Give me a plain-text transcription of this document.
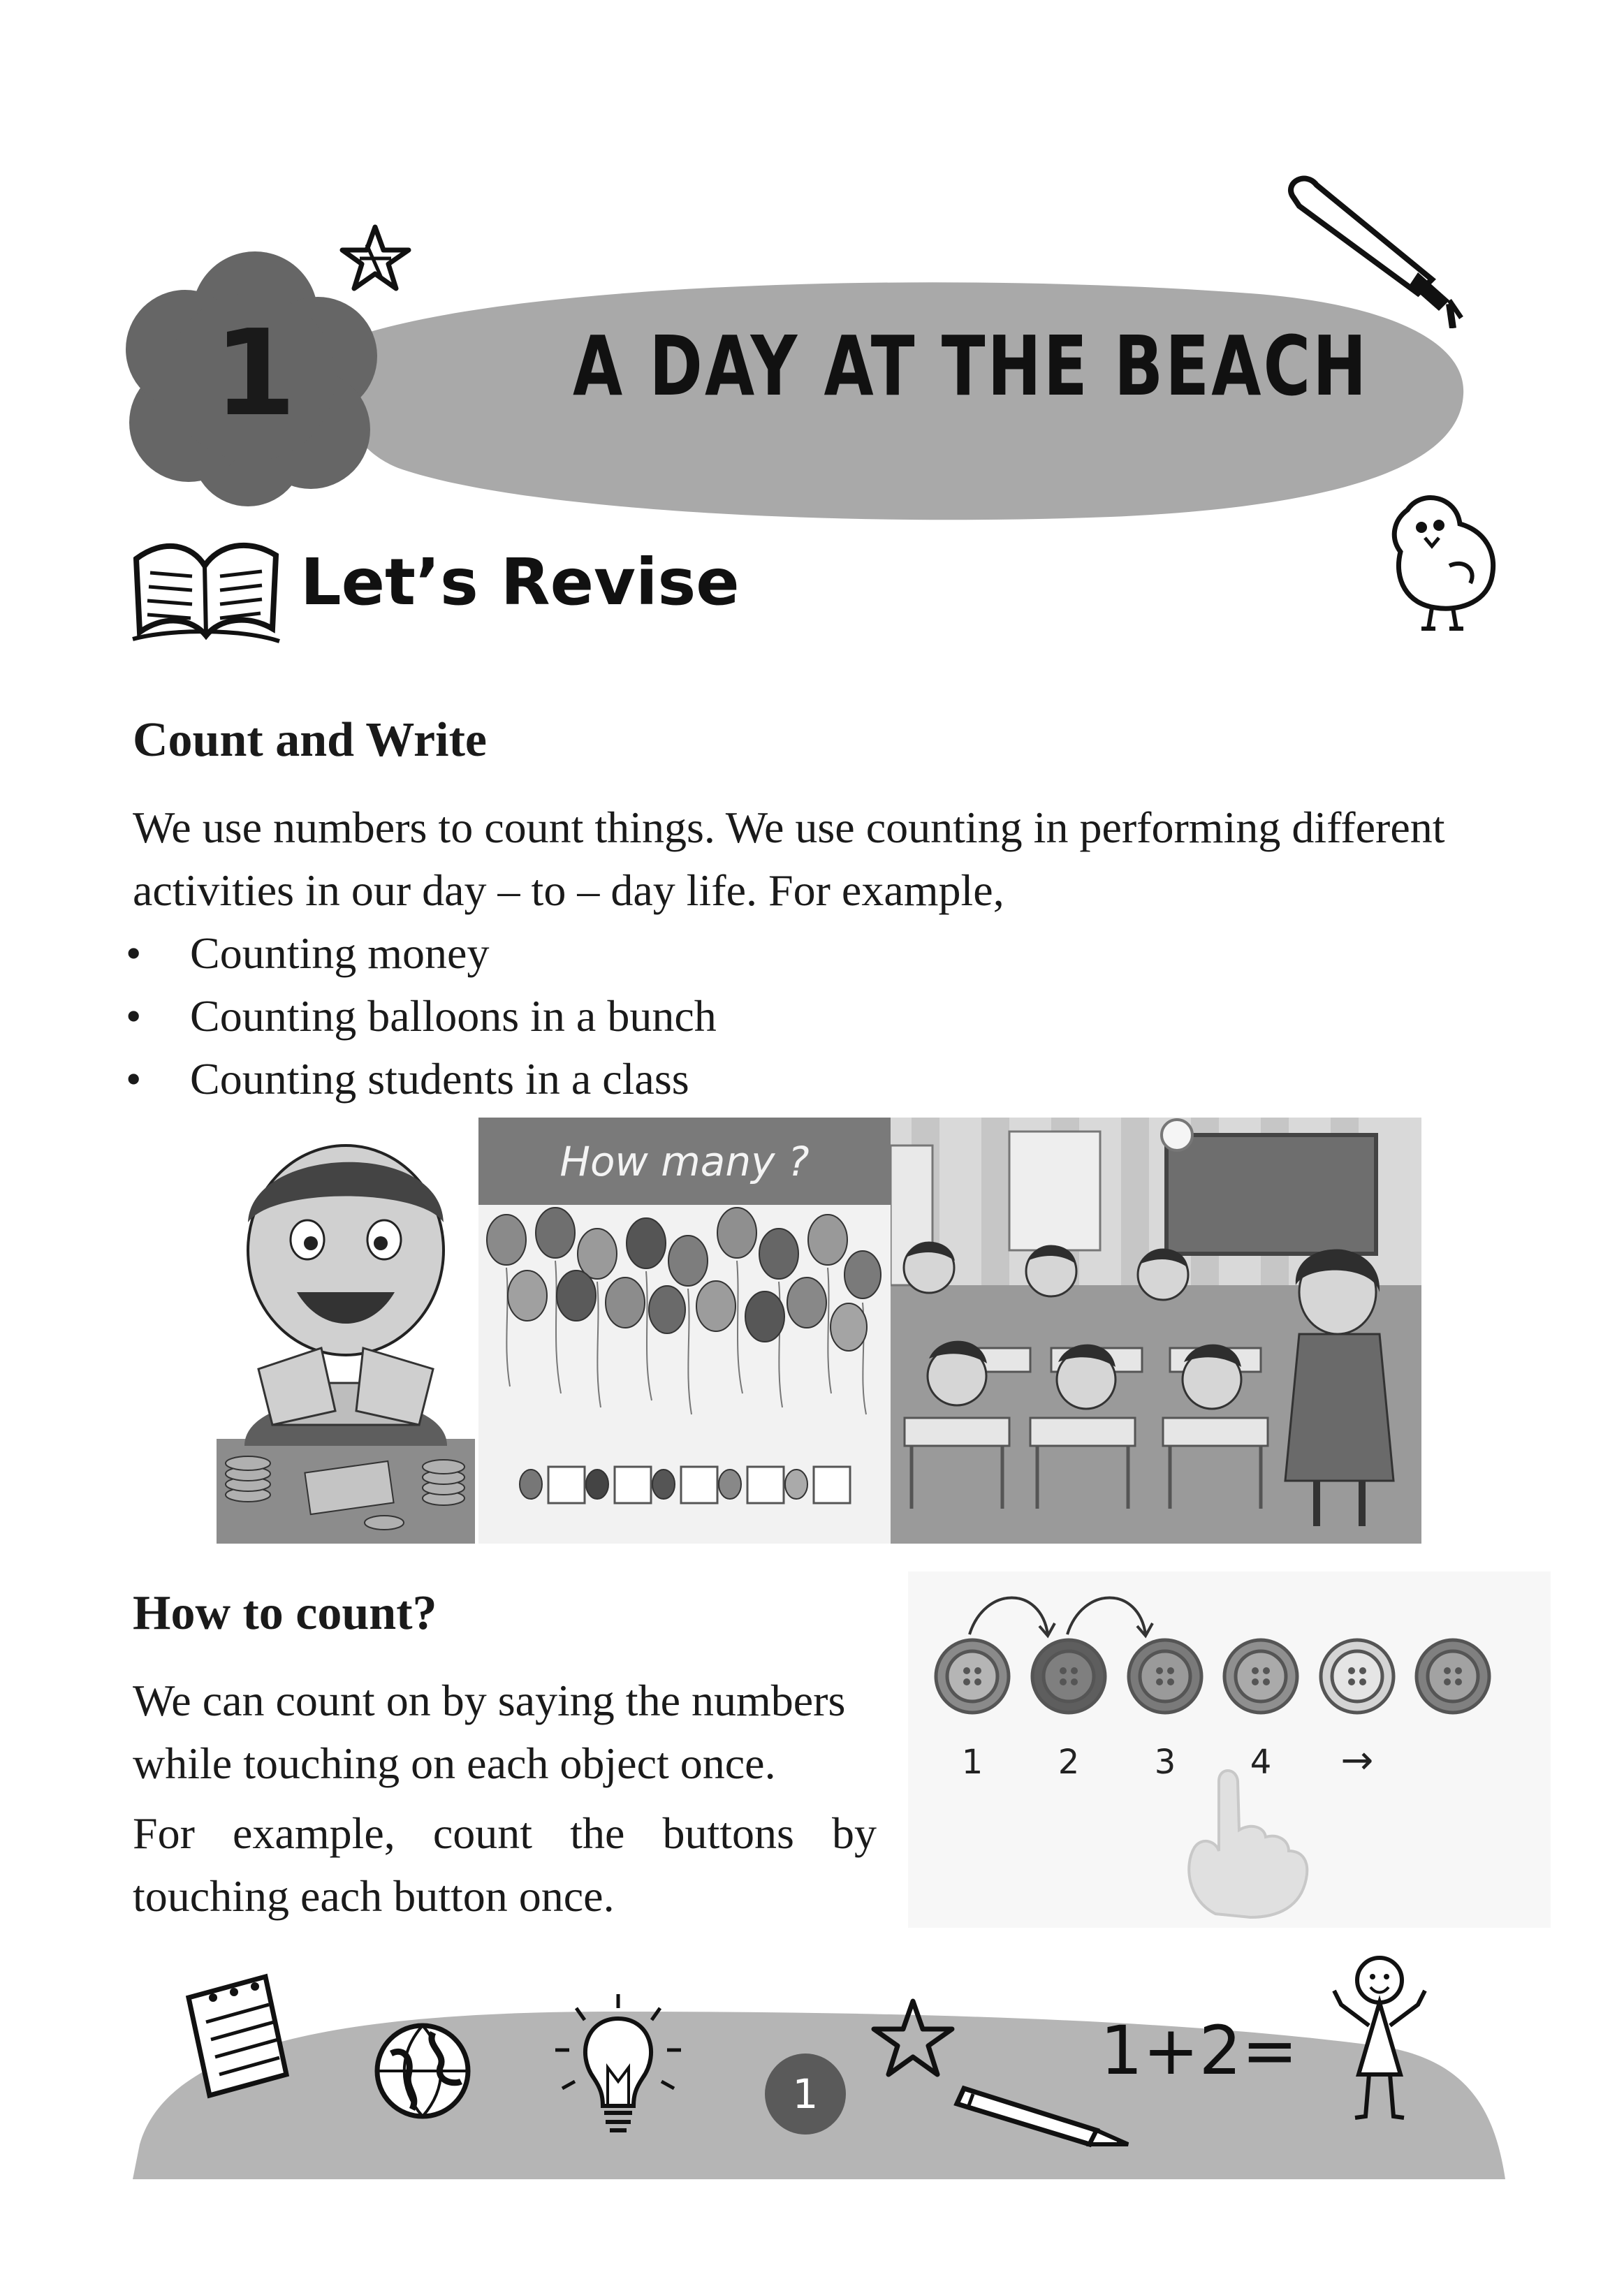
1	A DAY AT THE BEACH
Let’s Revise
Count and Write
We use numbers to count things. We use counting in performing different
activities in our day – to – day life. For example,
• Counting money
• Counting balloons in a bunch
• Counting students in a class
How many ?
How to count?
We can count on by saying the numbers
while touching on each object once.
For example, count the buttons by
touching each button once.
1	2	3	4	→
1
1+2=
